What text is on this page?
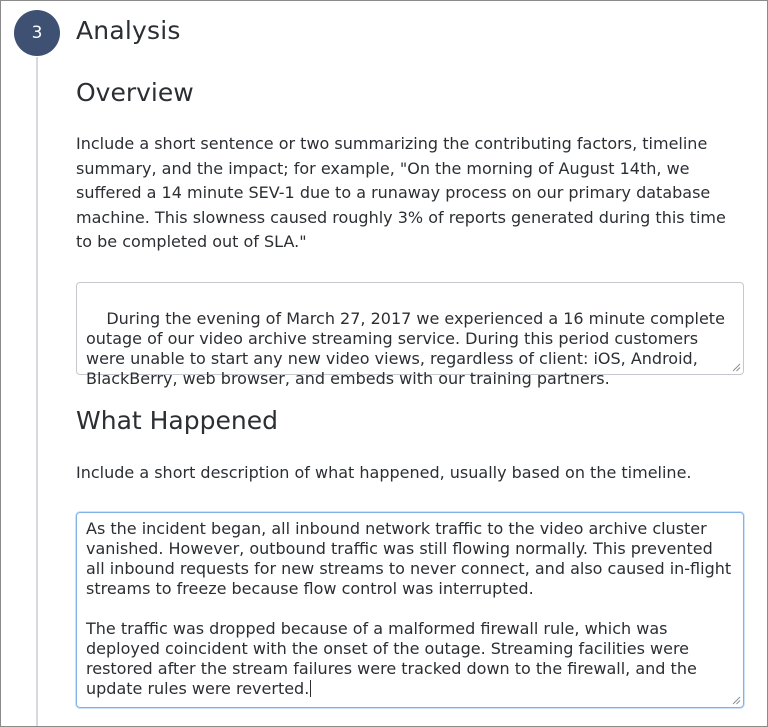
3	Analysis
Overview

Include a short sentence or two summarizing the contributing factors, timeline summary, and the impact; for example, "On the morning of August 14th, we suffered a 14 minute SEV-1 due to a runaway process on our primary database machine. This slowness caused roughly 3% of reports generated during this time to be completed out of SLA."

During the evening of March 27, 2017 we experienced a 16 minute complete outage of our video archive streaming service. During this period customers were unable to start any new video views, regardless of client: iOS, Android, BlackBerry, web browser, and embeds with our training partners.

What Happened

Include a short description of what happened, usually based on the timeline.

As the incident began, all inbound network traffic to the video archive cluster vanished. However, outbound traffic was still flowing normally. This prevented all inbound requests for new streams to never connect, and also caused in-flight streams to freeze because flow control was interrupted.

The traffic was dropped because of a malformed firewall rule, which was deployed coincident with the onset of the outage. Streaming facilities were restored after the stream failures were tracked down to the firewall, and the update rules were reverted.
